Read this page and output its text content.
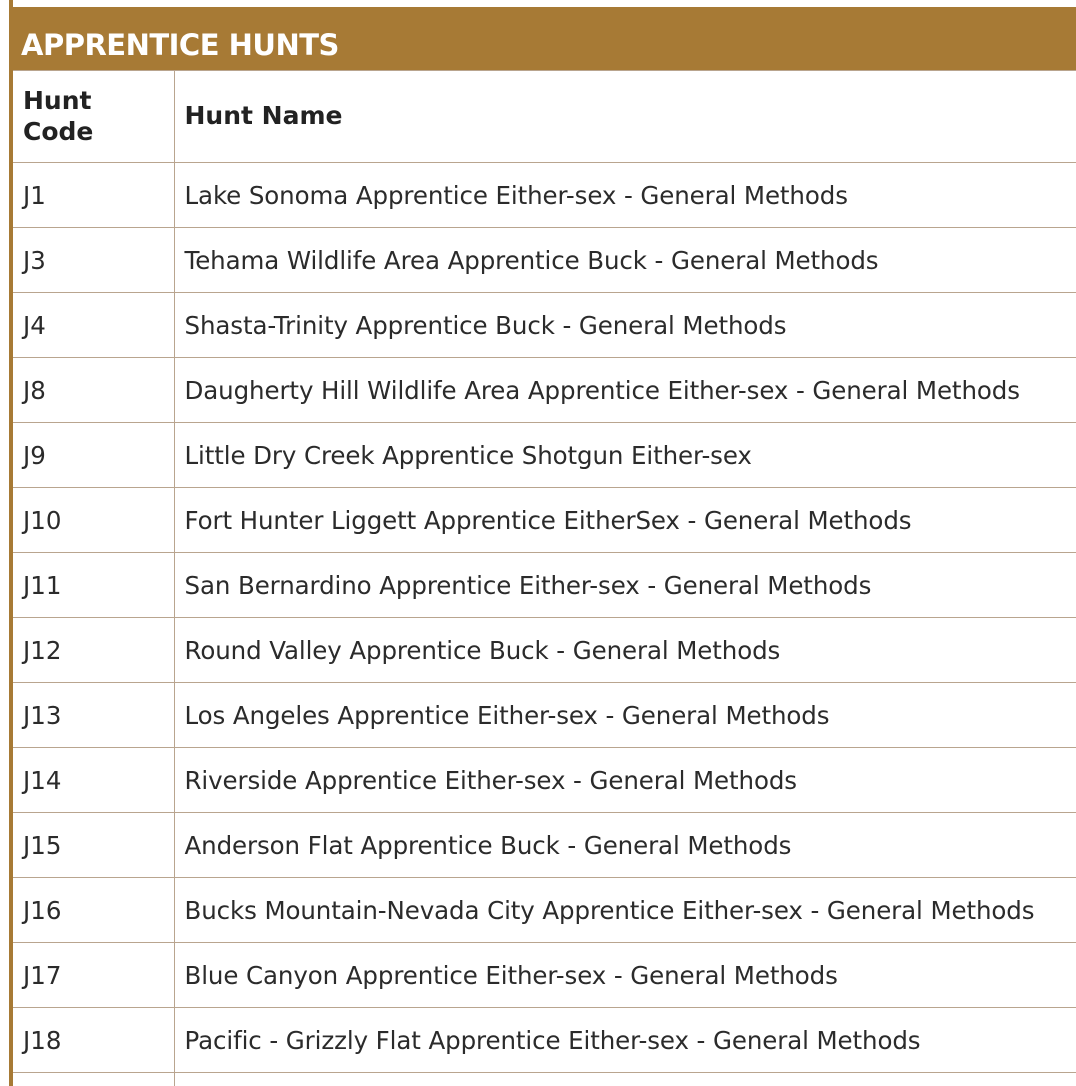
APPRENTICE HUNTS
Hunt Code	Hunt Name
J1	Lake Sonoma Apprentice Either-sex - General Methods
J3	Tehama Wildlife Area Apprentice Buck - General Methods
J4	Shasta-Trinity Apprentice Buck - General Methods
J8	Daugherty Hill Wildlife Area Apprentice Either-sex - General Methods
J9	Little Dry Creek Apprentice Shotgun Either-sex
J10	Fort Hunter Liggett Apprentice EitherSex - General Methods
J11	San Bernardino Apprentice Either-sex - General Methods
J12	Round Valley Apprentice Buck - General Methods
J13	Los Angeles Apprentice Either-sex - General Methods
J14	Riverside Apprentice Either-sex - General Methods
J15	Anderson Flat Apprentice Buck - General Methods
J16	Bucks Mountain-Nevada City Apprentice Either-sex - General Methods
J17	Blue Canyon Apprentice Either-sex - General Methods
J18	Pacific - Grizzly Flat Apprentice Either-sex - General Methods
